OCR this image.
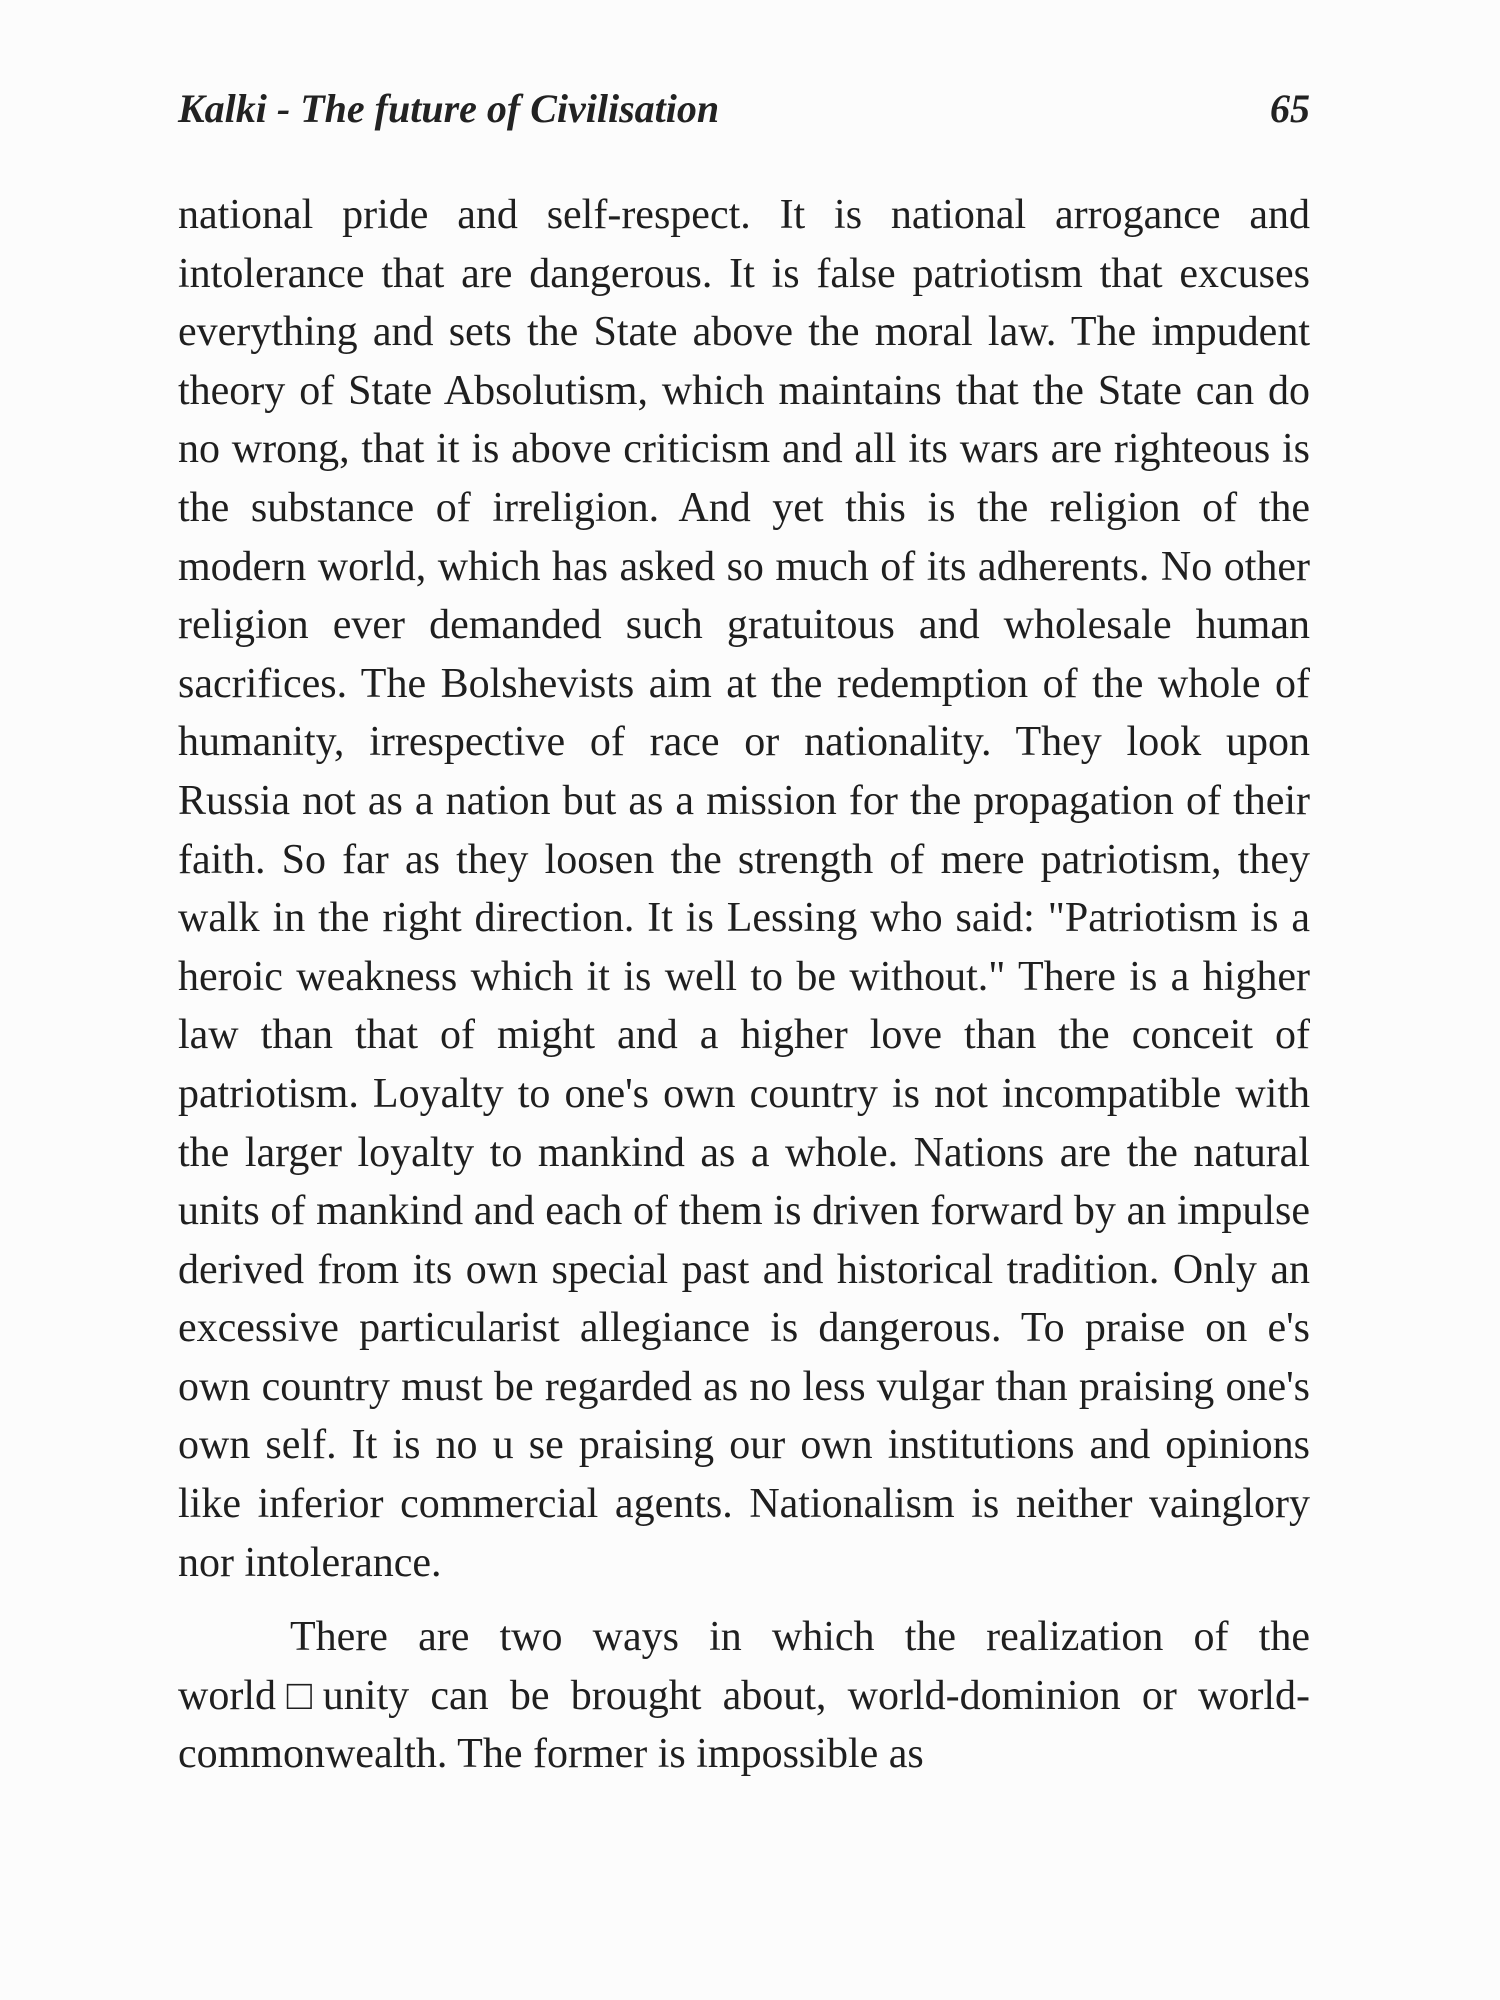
Kalki - The future of Civilisation	65

national pride and self-respect. It is national arrogance and intolerance that are dangerous. It is false patriotism that excuses everything and sets the State above the moral law. The impudent theory of State Absolutism, which maintains that the State can do no wrong, that it is above criticism and all its wars are righteous is the substance of irreligion. And yet this is the religion of the modern world, which has asked so much of its adherents. No other religion ever demanded such gratuitous and wholesale human sacrifices. The Bolshevists aim at the redemption of the whole of humanity, irrespective of race or nationality. They look upon Russia not as a nation but as a mission for the propagation of their faith. So far as they loosen the strength of mere patriotism, they walk in the right direction. It is Lessing who said: "Patriotism is a heroic weakness which it is well to be without." There is a higher law than that of might and a higher love than the conceit of patriotism. Loyalty to one's own country is not incompatible with the larger loyalty to mankind as a whole. Nations are the natural units of mankind and each of them is driven forward by an impulse derived from its own special past and historical tradition. Only an excessive particularist allegiance is dangerous. To praise on e's own country must be regarded as no less vulgar than praising one's own self. It is no u se praising our own institutions and opinions like inferior commercial agents. Nationalism is neither vainglory nor intolerance.

There are two ways in which the realization of the world□unity can be brought about, world-dominion or world-commonwealth. The former is impossible as
